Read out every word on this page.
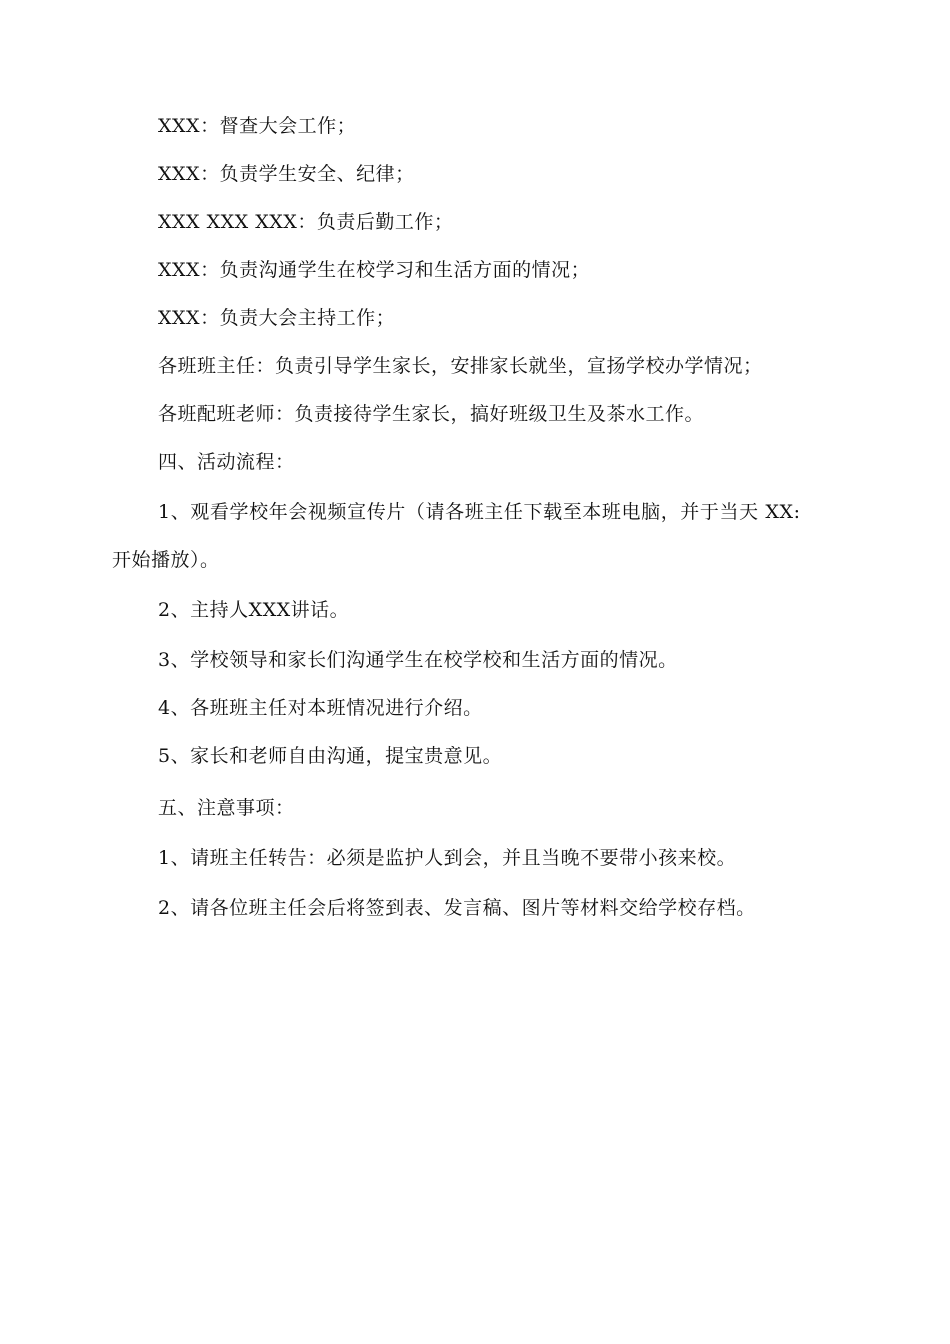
XXX：督查大会工作；
XXX：负责学生安全、纪律；
XXX XXX XXX：负责后勤工作；
XXX：负责沟通学生在校学习和生活方面的情况；
XXX：负责大会主持工作；
各班班主任：负责引导学生家长，安排家长就坐，宣扬学校办学情况；
各班配班老师：负责接待学生家长，搞好班级卫生及茶水工作。
四、活动流程：
1、观看学校年会视频宣传片（请各班主任下载至本班电脑，并于当天 XX:
开始播放）。
2、主持人XXX讲话。
3、学校领导和家长们沟通学生在校学校和生活方面的情况。
4、各班班主任对本班情况进行介绍。
5、家长和老师自由沟通，提宝贵意见。
五、注意事项：
1、请班主任转告：必须是监护人到会，并且当晚不要带小孩来校。
2、请各位班主任会后将签到表、发言稿、图片等材料交给学校存档。
